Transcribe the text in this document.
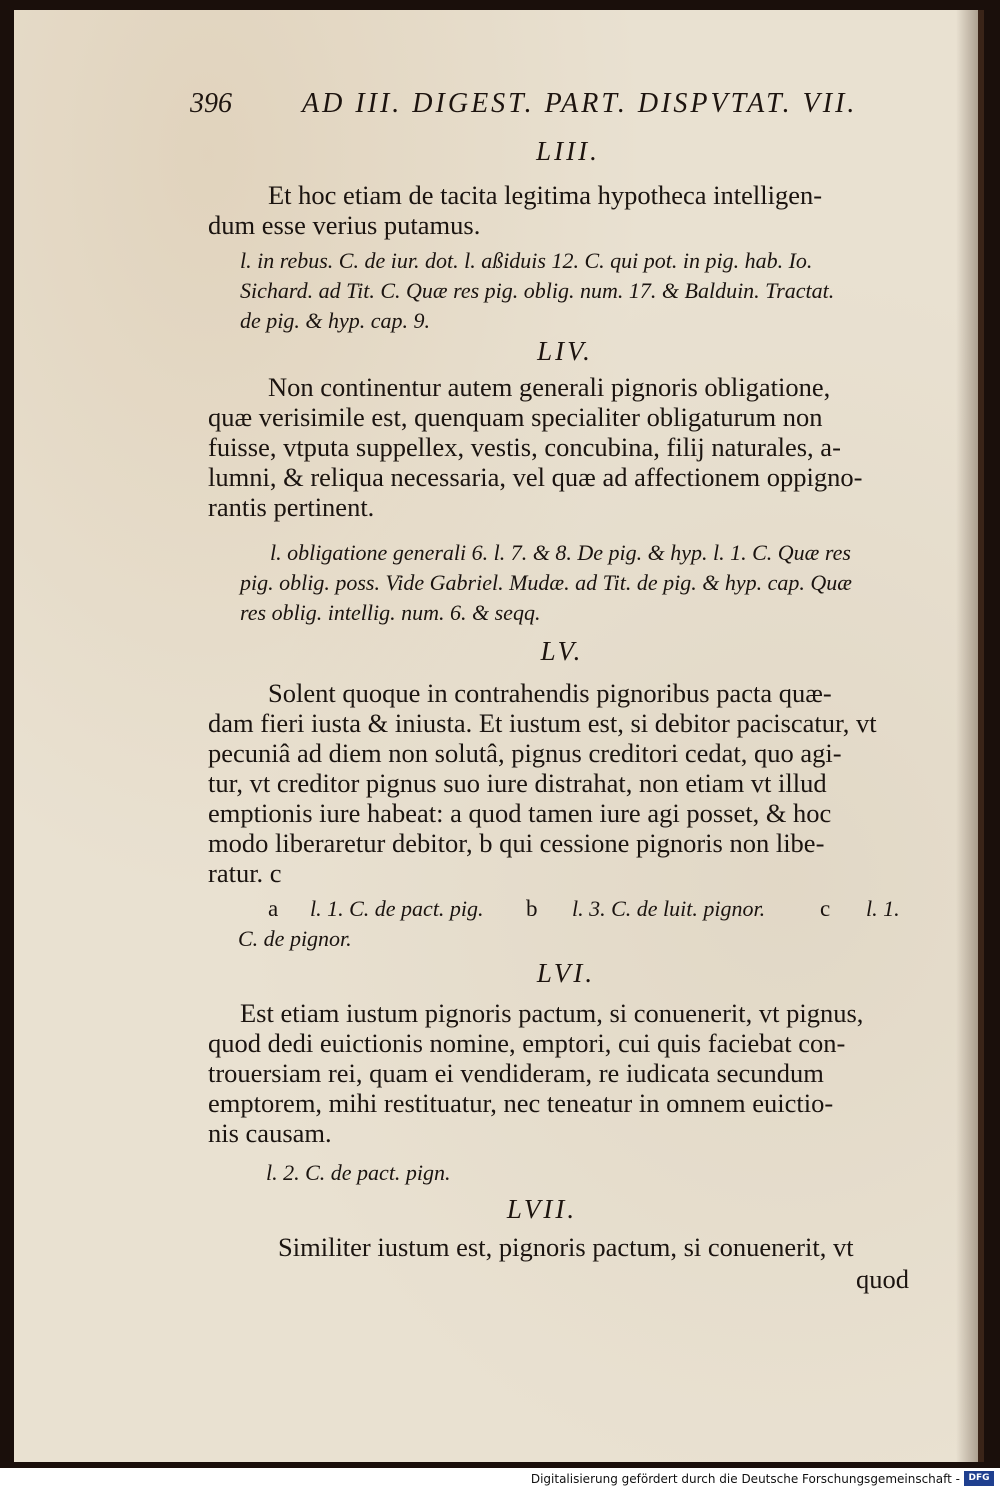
396	AD III. DIGEST. PART. DISPVTAT. VII.
LIII.
Et hoc etiam de tacita legitima hypotheca intelligen-
dum esse verius putamus.
l. in rebus. C. de iur. dot. l. aßiduis 12. C. qui pot. in pig. hab. Io.
Sichard. ad Tit. C. Quæ res pig. oblig. num. 17. & Balduin. Tractat.
de pig. & hyp. cap. 9.
LIV.
Non continentur autem generali pignoris obligatione,
quæ verisimile est, quenquam specialiter obligaturum non
fuisse, vtputa suppellex, vestis, concubina, filij naturales, a-
lumni, & reliqua necessaria, vel quæ ad affectionem oppigno-
rantis pertinent.
l. obligatione generali 6. l. 7. & 8. De pig. & hyp. l. 1. C. Quæ res
pig. oblig. poss. Vide Gabriel. Mudæ. ad Tit. de pig. & hyp. cap. Quæ
res oblig. intellig. num. 6. & seqq.
LV.
Solent quoque in contrahendis pignoribus pacta quæ-
dam fieri iusta & iniusta. Et iustum est, si debitor paciscatur, vt
pecuniâ ad diem non solutâ, pignus creditori cedat, quo agi-
tur, vt creditor pignus suo iure distrahat, non etiam vt illud
emptionis iure habeat: a quod tamen iure agi posset, & hoc
modo liberaretur debitor, b qui cessione pignoris non libe-
ratur. c
a l. 1. C. de pact. pig. b l. 3. C. de luit. pignor. c l. 1.
C. de pignor.
LVI.
Est etiam iustum pignoris pactum, si conuenerit, vt pignus,
quod dedi euictionis nomine, emptori, cui quis faciebat con-
trouersiam rei, quam ei vendideram, re iudicata secundum
emptorem, mihi restituatur, nec teneatur in omnem euictio-
nis causam.
l. 2. C. de pact. pign.
LVII.
Similiter iustum est, pignoris pactum, si conuenerit, vt
quod
Digitalisierung gefördert durch die Deutsche Forschungsgemeinschaft - DFG
